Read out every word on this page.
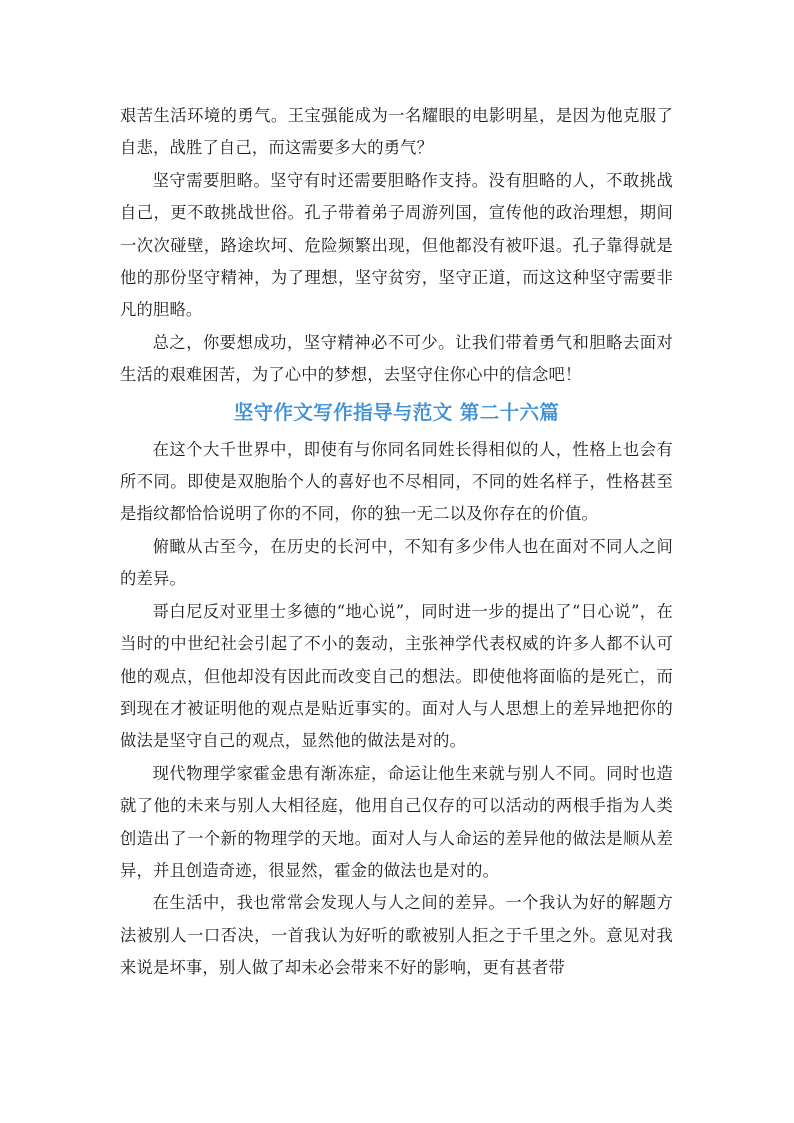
艰苦生活环境的勇气。王宝强能成为一名耀眼的电影明星，是因为他克服了自悲，战胜了自己，而这需要多大的勇气？

坚守需要胆略。坚守有时还需要胆略作支持。没有胆略的人，不敢挑战自己，更不敢挑战世俗。孔子带着弟子周游列国，宣传他的政治理想，期间一次次碰壁，路途坎坷、危险频繁出现，但他都没有被吓退。孔子靠得就是他的那份坚守精神，为了理想，坚守贫穷，坚守正道，而这这种坚守需要非凡的胆略。

总之，你要想成功，坚守精神必不可少。让我们带着勇气和胆略去面对生活的艰难困苦，为了心中的梦想，去坚守住你心中的信念吧！

坚守作文写作指导与范文 第二十六篇

在这个大千世界中，即使有与你同名同姓长得相似的人，性格上也会有所不同。即使是双胞胎个人的喜好也不尽相同，不同的姓名样子，性格甚至是指纹都恰恰说明了你的不同，你的独一无二以及你存在的价值。

俯瞰从古至今，在历史的长河中，不知有多少伟人也在面对不同人之间的差异。

哥白尼反对亚里士多德的“地心说”，同时进一步的提出了“日心说”，在当时的中世纪社会引起了不小的轰动，主张神学代表权威的许多人都不认可他的观点，但他却没有因此而改变自己的想法。即使他将面临的是死亡，而到现在才被证明他的观点是贴近事实的。面对人与人思想上的差异地把你的做法是坚守自己的观点，显然他的做法是对的。

现代物理学家霍金患有渐冻症，命运让他生来就与别人不同。同时也造就了他的未来与别人大相径庭，他用自己仅存的可以活动的两根手指为人类创造出了一个新的物理学的天地。面对人与人命运的差异他的做法是顺从差异，并且创造奇迹，很显然，霍金的做法也是对的。

在生活中，我也常常会发现人与人之间的差异。一个我认为好的解题方法被别人一口否决，一首我认为好听的歌被别人拒之于千里之外。意见对我来说是坏事，别人做了却未必会带来不好的影响，更有甚者带
